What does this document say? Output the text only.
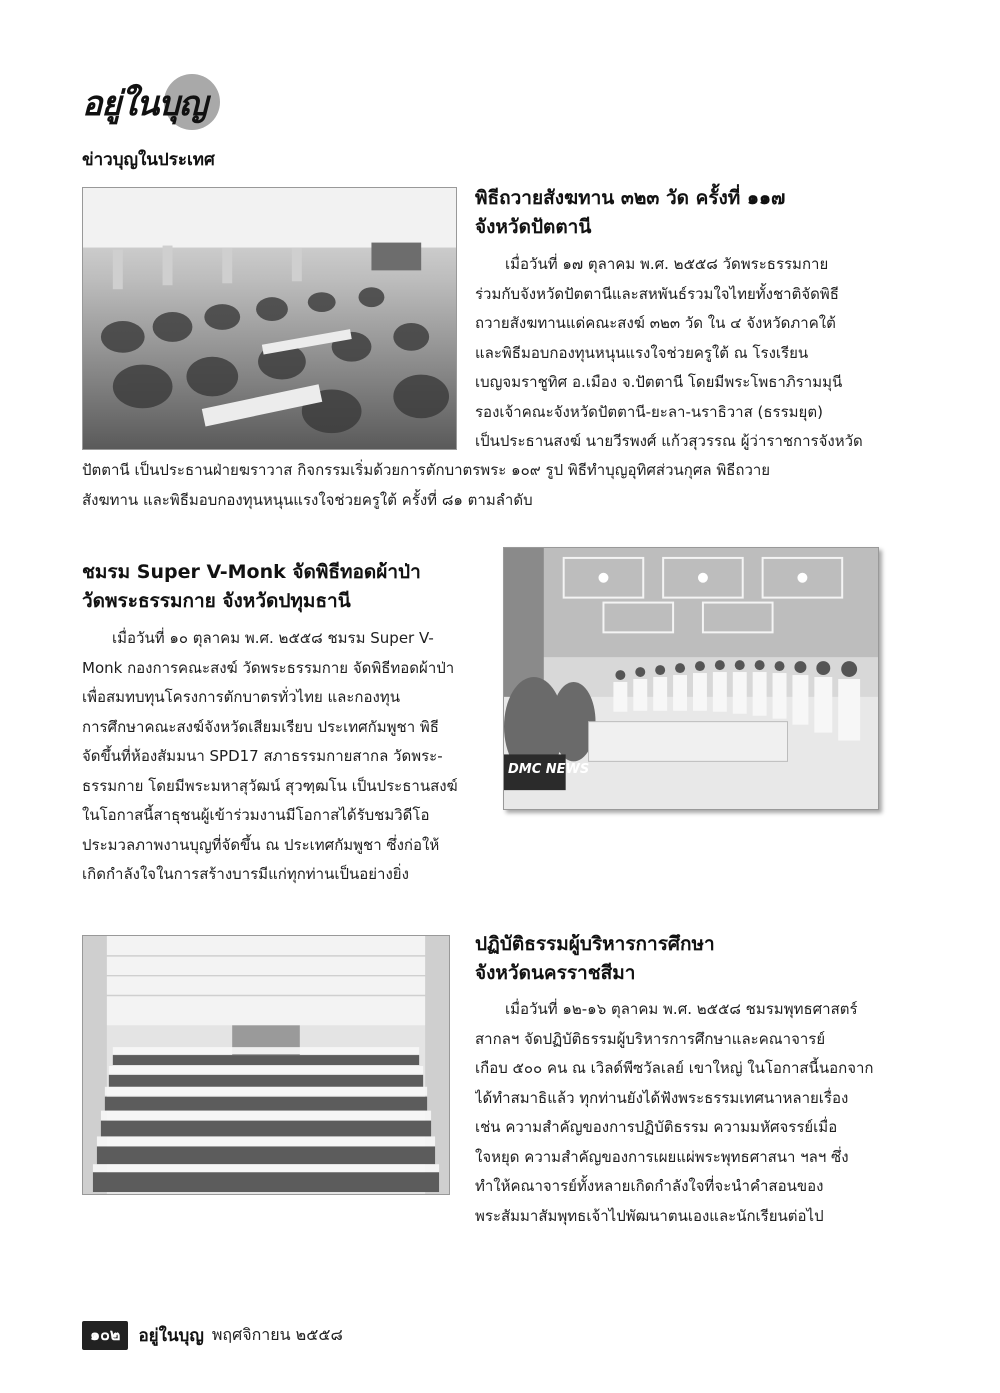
อยู่ในบุญ
ข่าวบุญในประเทศ
พิธีถวายสังฆทาน ๓๒๓ วัด ครั้งที่ ๑๑๗
จังหวัดปัตตานี
เมื่อวันที่ ๑๗ ตุลาคม พ.ศ. ๒๕๕๘ วัดพระธรรมกาย
ร่วมกับจังหวัดปัตตานีและสหพันธ์รวมใจไทยทั้งชาติจัดพิธี
ถวายสังฆทานแด่คณะสงฆ์ ๓๒๓ วัด ใน ๔ จังหวัดภาคใต้
และพิธีมอบกองทุนหนุนแรงใจช่วยครูใต้ ณ โรงเรียน
เบญจมราชูทิศ อ.เมือง จ.ปัตตานี โดยมีพระโพธาภิรามมุนี
รองเจ้าคณะจังหวัดปัตตานี-ยะลา-นราธิวาส (ธรรมยุต)
เป็นประธานสงฆ์ นายวีรพงศ์ แก้วสุวรรณ ผู้ว่าราชการจังหวัด
ปัตตานี เป็นประธานฝ่ายฆราวาส กิจกรรมเริ่มด้วยการตักบาตรพระ ๑๐๙ รูป พิธีทำบุญอุทิศส่วนกุศล พิธีถวาย
สังฆทาน และพิธีมอบกองทุนหนุนแรงใจช่วยครูใต้ ครั้งที่ ๘๑ ตามลำดับ
ชมรม Super V-Monk จัดพิธีทอดผ้าป่า
วัดพระธรรมกาย จังหวัดปทุมธานี
เมื่อวันที่ ๑๐ ตุลาคม พ.ศ. ๒๕๕๘ ชมรม Super V-
Monk กองการคณะสงฆ์ วัดพระธรรมกาย จัดพิธีทอดผ้าป่า
เพื่อสมทบทุนโครงการตักบาตรทั่วไทย และกองทุน
การศึกษาคณะสงฆ์จังหวัดเสียมเรียบ ประเทศกัมพูชา พิธี
จัดขึ้นที่ห้องสัมมนา SPD17 สภาธรรมกายสากล วัดพระ-
ธรรมกาย โดยมีพระมหาสุวัฒน์ สุวฑฺฒโน เป็นประธานสงฆ์
ในโอกาสนี้สาธุชนผู้เข้าร่วมงานมีโอกาสได้รับชมวิดีโอ
ประมวลภาพงานบุญที่จัดขึ้น ณ ประเทศกัมพูชา ซึ่งก่อให้
เกิดกำลังใจในการสร้างบารมีแก่ทุกท่านเป็นอย่างยิ่ง
DMC NEWS
ปฏิบัติธรรมผู้บริหารการศึกษา
จังหวัดนครราชสีมา
เมื่อวันที่ ๑๒-๑๖ ตุลาคม พ.ศ. ๒๕๕๘ ชมรมพุทธศาสตร์
สากลฯ จัดปฏิบัติธรรมผู้บริหารการศึกษาและคณาจารย์
เกือบ ๕๐๐ คน ณ เวิลด์พีซวัลเลย์ เขาใหญ่ ในโอกาสนี้นอกจาก
ได้ทำสมาธิแล้ว ทุกท่านยังได้ฟังพระธรรมเทศนาหลายเรื่อง
เช่น ความสำคัญของการปฏิบัติธรรม ความมหัศจรรย์เมื่อ
ใจหยุด ความสำคัญของการเผยแผ่พระพุทธศาสนา ฯลฯ ซึ่ง
ทำให้คณาจารย์ทั้งหลายเกิดกำลังใจที่จะนำคำสอนของ
พระสัมมาสัมพุทธเจ้าไปพัฒนาตนเองและนักเรียนต่อไป
๑๐๒	อยู่ในบุญ พฤศจิกายน ๒๕๕๘
